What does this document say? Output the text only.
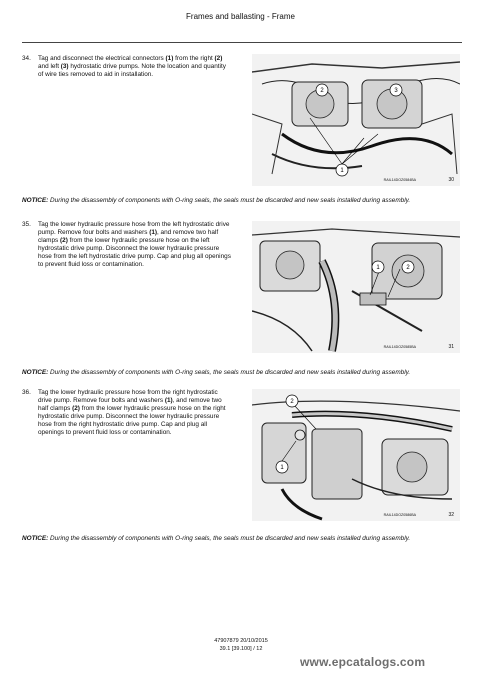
Frames and ballasting - Frame
34. Tag and disconnect the electrical connectors (1) from the right (2) and left (3) hydrostatic drive pumps. Note the location and quantity of wire ties removed to aid in installation.
1
2	3
RAIL14DOZ0584BA	30
NOTICE: During the disassembly of components with O-ring seals, the seals must be discarded and new seals installed during assembly.
35. Tag the lower hydraulic pressure hose from the left hydrostatic drive pump. Remove four bolts and washers (1), and remove two half clamps (2) from the lower hydraulic pressure hose on the left hydrostatic drive pump. Disconnect the lower hydraulic pressure hose from the left hydrostatic drive pump. Cap and plug all openings to prevent fluid loss or contamination.	1	2
RAIL14DOZ0585BA	31
NOTICE: During the disassembly of components with O-ring seals, the seals must be discarded and new seals installed during assembly.
36. Tag the lower hydraulic pressure hose from the right hydrostatic drive pump. Remove four bolts and washers (1), and remove two half clamps (2) from the lower hydraulic pressure hose on the right hydrostatic drive pump. Disconnect the lower hydraulic pressure hose from the right hydrostatic drive pump. Cap and plug all openings to prevent fluid loss or contamination.
1
2
RAIL14DOZ0586BA	32
NOTICE: During the disassembly of components with O-ring seals, the seals must be discarded and new seals installed during assembly.
47907879 20/10/2015
39.1 [39.100] / 12
www.epcatalogs.com
